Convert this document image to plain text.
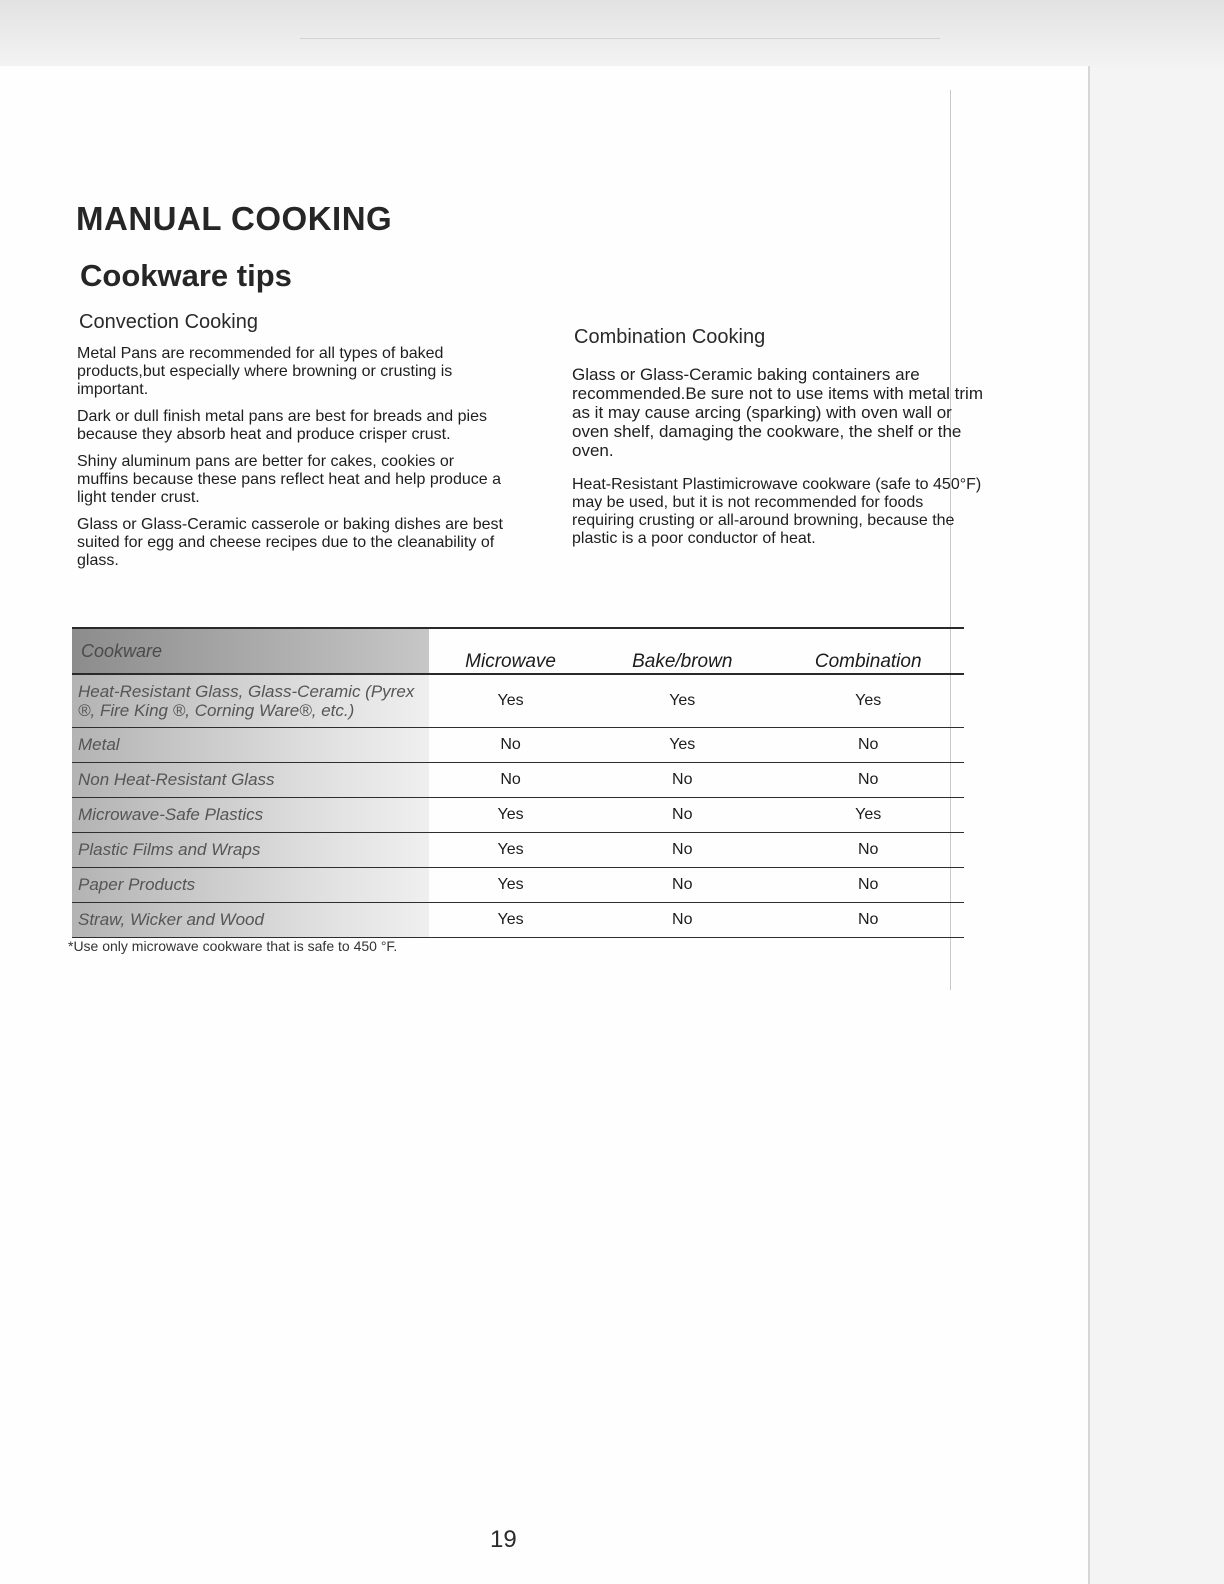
MANUAL COOKING
Cookware tips
Convection Cooking

Metal Pans are recommended for all types of baked products,but especially where browning or crusting is important.

Dark or dull finish metal pans are best for breads and pies because they absorb heat and produce crisper crust.

Shiny aluminum pans are better for cakes, cookies or muffins because these pans reflect heat and help produce a light tender crust.

Glass or Glass-Ceramic casserole or baking dishes are best suited for egg and cheese recipes due to the cleanability of glass.

Combination Cooking

Glass or Glass-Ceramic baking containers are recommended.Be sure not to use items with metal trim as it may cause arcing (sparking) with oven wall or oven shelf, damaging the cookware, the shelf or the oven.

Heat-Resistant Plastimicrowave cookware (safe to 450°F) may be used, but it is not recommended for foods requiring crusting or all-around browning, because the plastic is a poor conductor of heat.

Cookware	Microwave	Bake/brown	Combination
Heat-Resistant Glass, Glass-Ceramic (Pyrex ®, Fire King ®, Corning Ware®, etc.)	Yes	Yes	Yes
Metal	No	Yes	No
Non Heat-Resistant Glass	No	No	No
Microwave-Safe Plastics	Yes	No	Yes
Plastic Films and Wraps	Yes	No	No
Paper Products	Yes	No	No
Straw, Wicker and Wood	Yes	No	No
*Use only microwave cookware that is safe to 450 °F.
19
